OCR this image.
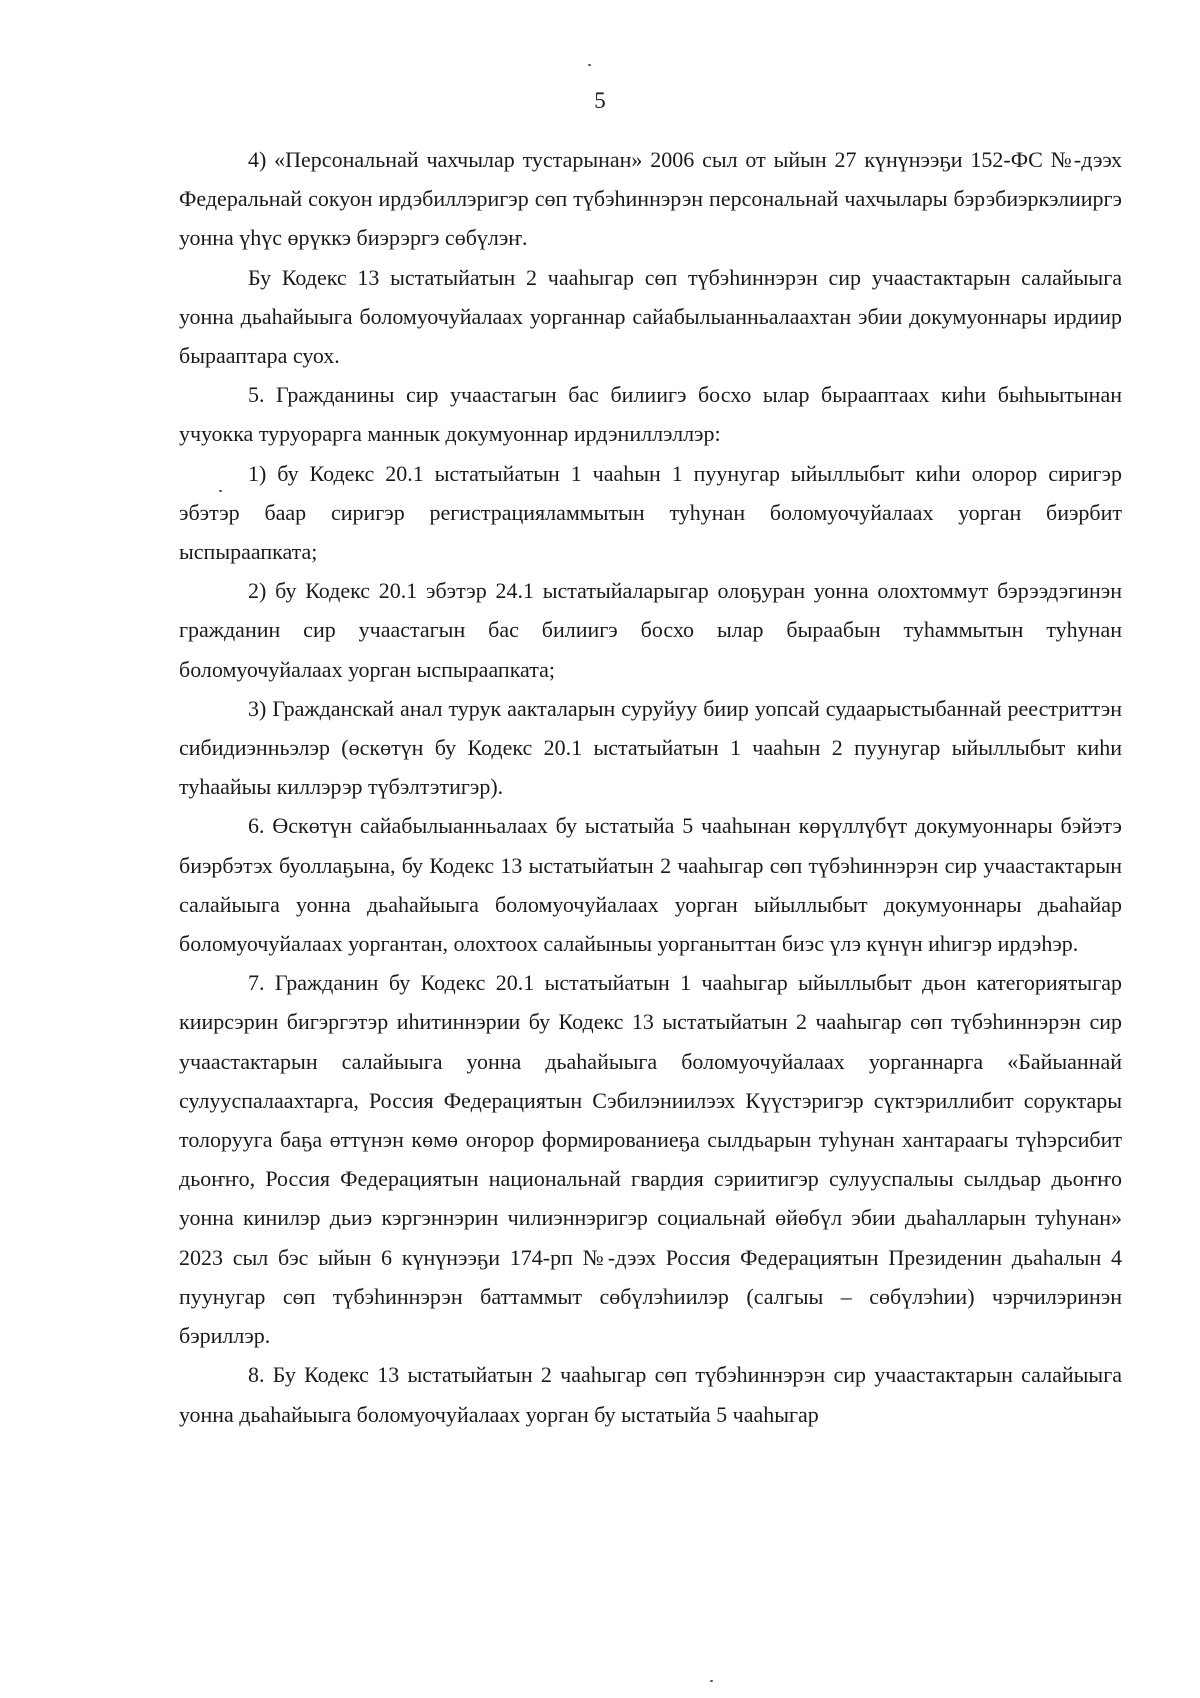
5

4) «Персональнай чахчылар тустарынан» 2006 сыл от ыйын 27 күнүнээҕи 152-ФС №-дээх Федеральнай сокуон ирдэбиллэригэр сөп түбэһиннэрэн персональнай чахчылары бэрэбиэркэлииргэ уонна үһүс өрүккэ биэрэргэ сөбүлэҥ.

Бу Кодекс 13 ыстатыйатын 2 чааһыгар сөп түбэһиннэрэн сир учаастактарын салайыыга уонна дьаһайыыга боломуочуйалаах уорганнар сайабылыанньалаахтан эбии докумуоннары ирдиир бырааптара суох.

5. Гражданины сир учаастагын бас билиигэ босхо ылар бырааптаах киһи быһыытынан учуокка туруорарга маннык докумуоннар ирдэниллэллэр:

1) бу Кодекс 20.1 ыстатыйатын 1 чааһын 1 пуунугар ыйыллыбыт киһи олорор сиригэр эбэтэр баар сиригэр регистрацияламмытын туһунан боломуочуйалаах уорган биэрбит ыспыраапката;

2) бу Кодекс 20.1 эбэтэр 24.1 ыстатыйаларыгар олоҕуран уонна олохтоммут бэрээдэгинэн гражданин сир учаастагын бас билиигэ босхо ылар быраабын туһаммытын туһунан боломуочуйалаах уорган ыспыраапката;

3) Гражданскай анал турук аакталарын суруйуу биир уопсай судаарыстыбаннай реестриттэн сибидиэнньэлэр (өскөтүн бу Кодекс 20.1 ыстатыйатын 1 чааһын 2 пуунугар ыйыллыбыт киһи туһаайыы киллэрэр түбэлтэтигэр).

6. Өскөтүн сайабылыанньалаах бу ыстатыйа 5 чааһынан көрүллүбүт докумуоннары бэйэтэ биэрбэтэх буоллаҕына, бу Кодекс 13 ыстатыйатын 2 чааһыгар сөп түбэһиннэрэн сир учаастактарын салайыыга уонна дьаһайыыга боломуочуйалаах уорган ыйыллыбыт докумуоннары дьаһайар боломуочуйалаах уоргантан, олохтоох салайыныы уорганыттан биэс үлэ күнүн иһигэр ирдэһэр.

7. Гражданин бу Кодекс 20.1 ыстатыйатын 1 чааһыгар ыйыллыбыт дьон категориятыгар киирсэрин бигэргэтэр иһитиннэрии бу Кодекс 13 ыстатыйатын 2 чааһыгар сөп түбэһиннэрэн сир учаастактарын салайыыга уонна дьаһайыыга боломуочуйалаах уорганнарга «Байыаннай сулууспалаахтарга, Россия Федерациятын Сэбилэниилээх Күүстэригэр сүктэриллибит соруктары толорууга баҕа өттүнэн көмө оҥорор формированиеҕа сылдьарын туһунан хантараагы түһэрсибит дьоҥҥо, Россия Федерациятын национальнай гвардия сэриитигэр сулууспалыы сылдьар дьоҥҥо уонна кинилэр дьиэ кэргэннэрин чилиэннэригэр социальнай өйөбүл эбии дьаһалларын туһунан» 2023 сыл бэс ыйын 6 күнүнээҕи 174-рп №-дээх Россия Федерациятын Президенин дьаһалын 4 пуунугар сөп түбэһиннэрэн баттаммыт сөбүлэһиилэр (салгыы – сөбүлэһии) чэрчилэринэн бэриллэр.

8. Бу Кодекс 13 ыстатыйатын 2 чааһыгар сөп түбэһиннэрэн сир учаастактарын салайыыга уонна дьаһайыыга боломуочуйалаах уорган бу ыстатыйа 5 чааһыгар
